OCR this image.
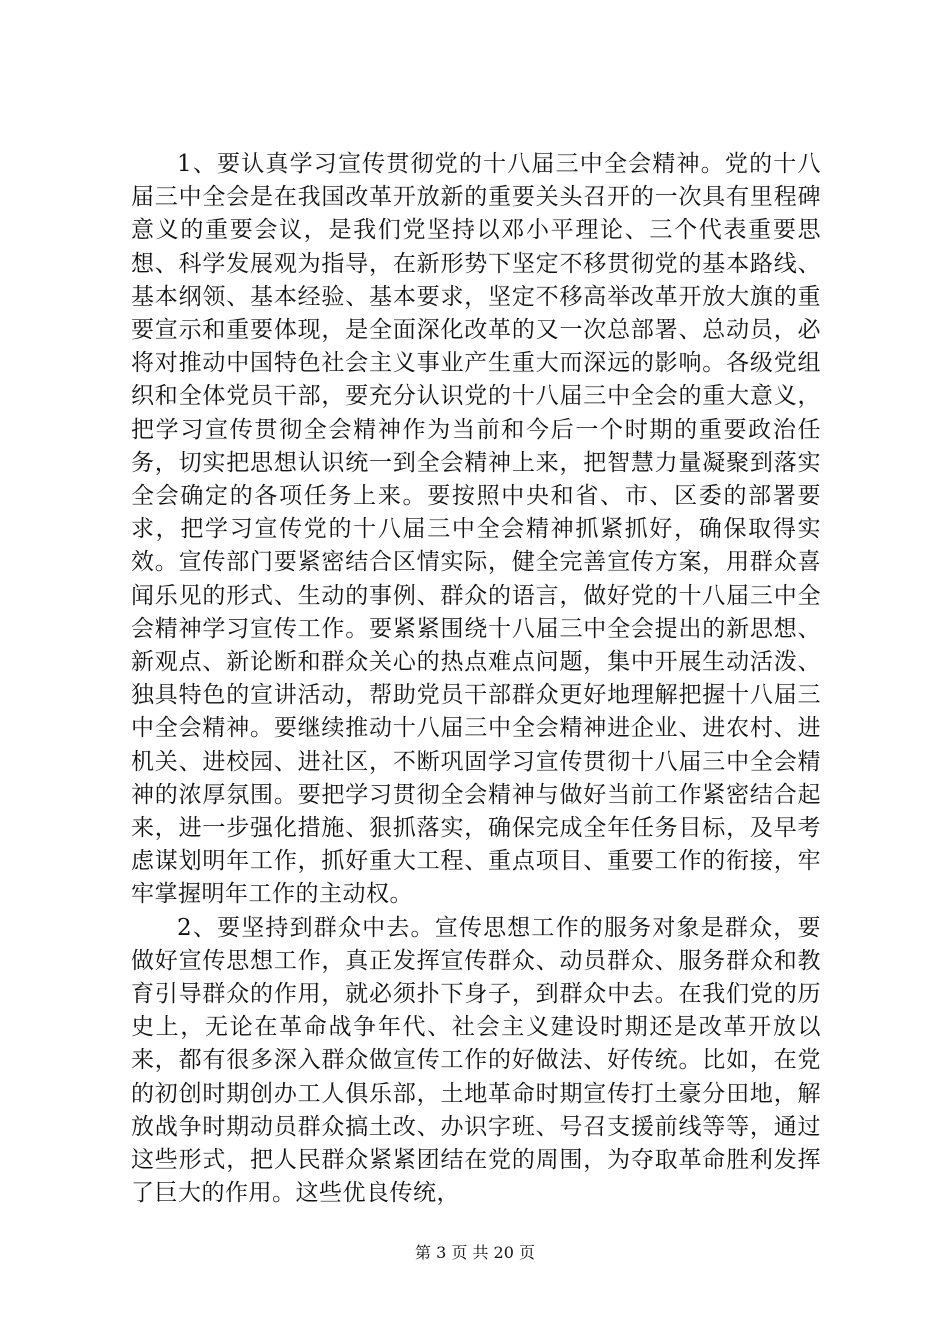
1、要认真学习宣传贯彻党的十八届三中全会精神。党的十八届三中全会是在我国改革开放新的重要关头召开的一次具有里程碑意义的重要会议，是我们党坚持以邓小平理论、三个代表重要思想、科学发展观为指导，在新形势下坚定不移贯彻党的基本路线、基本纲领、基本经验、基本要求，坚定不移高举改革开放大旗的重要宣示和重要体现，是全面深化改革的又一次总部署、总动员，必将对推动中国特色社会主义事业产生重大而深远的影响。各级党组织和全体党员干部，要充分认识党的十八届三中全会的重大意义，把学习宣传贯彻全会精神作为当前和今后一个时期的重要政治任务，切实把思想认识统一到全会精神上来，把智慧力量凝聚到落实全会确定的各项任务上来。要按照中央和省、市、区委的部署要求，把学习宣传党的十八届三中全会精神抓紧抓好，确保取得实效。宣传部门要紧密结合区情实际，健全完善宣传方案，用群众喜闻乐见的形式、生动的事例、群众的语言，做好党的十八届三中全会精神学习宣传工作。要紧紧围绕十八届三中全会提出的新思想、新观点、新论断和群众关心的热点难点问题，集中开展生动活泼、独具特色的宣讲活动，帮助党员干部群众更好地理解把握十八届三中全会精神。要继续推动十八届三中全会精神进企业、进农村、进机关、进校园、进社区，不断巩固学习宣传贯彻十八届三中全会精神的浓厚氛围。要把学习贯彻全会精神与做好当前工作紧密结合起来，进一步强化措施、狠抓落实，确保完成全年任务目标，及早考虑谋划明年工作，抓好重大工程、重点项目、重要工作的衔接，牢牢掌握明年工作的主动权。

2、要坚持到群众中去。宣传思想工作的服务对象是群众，要做好宣传思想工作，真正发挥宣传群众、动员群众、服务群众和教育引导群众的作用，就必须扑下身子，到群众中去。在我们党的历史上，无论在革命战争年代、社会主义建设时期还是改革开放以来，都有很多深入群众做宣传工作的好做法、好传统。比如，在党的初创时期创办工人俱乐部，土地革命时期宣传打土豪分田地，解放战争时期动员群众搞土改、办识字班、号召支援前线等等，通过这些形式，把人民群众紧紧团结在党的周围，为夺取革命胜利发挥了巨大的作用。这些优良传统，

第 3 页 共 20 页
